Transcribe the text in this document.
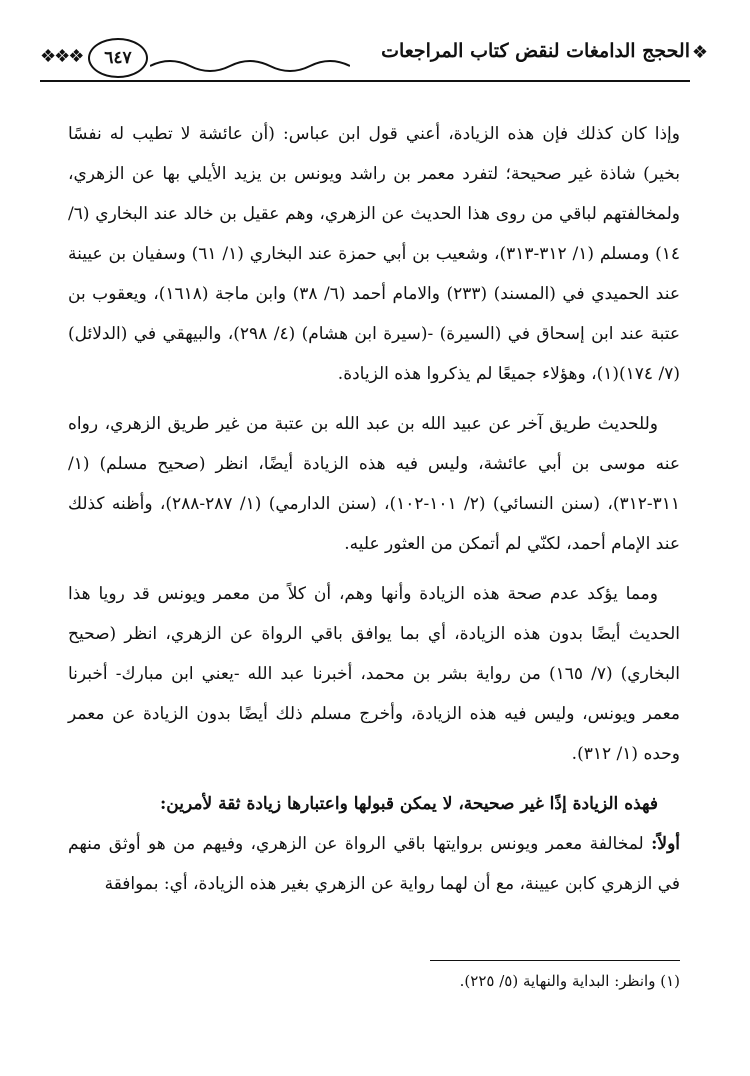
❖❖❖	٦٤٧	الحجج الدامغات لنقض كتاب المراجعات ❖

وإذا كان كذلك فإن هذه الزيادة، أعني قول ابن عباس: (أن عائشة لا تطيب له نفسًا بخير) شاذة غير صحيحة؛ لتفرد معمر بن راشد ويونس بن يزيد الأيلي بها عن الزهري، ولمخالفتهم لباقي من روى هذا الحديث عن الزهري، وهم عقيل بن خالد عند البخاري (٦/ ١٤) ومسلم (١/ ٣١٢-٣١٣)، وشعيب بن أبي حمزة عند البخاري (١/ ٦١) وسفيان بن عيينة عند الحميدي في (المسند) (٢٣٣) والامام أحمد (٦/ ٣٨) وابن ماجة (١٦١٨)، ويعقوب بن عتبة عند ابن إسحاق في (السيرة) -(سيرة ابن هشام) (٤/ ٢٩٨)، والبيهقي في (الدلائل) (٧/ ١٧٤)(١)، وهؤلاء جميعًا لم يذكروا هذه الزيادة.

وللحديث طريق آخر عن عبيد الله بن عبد الله بن عتبة من غير طريق الزهري، رواه عنه موسى بن أبي عائشة، وليس فيه هذه الزيادة أيضًا، انظر (صحيح مسلم) (١/ ٣١١-٣١٢)، (سنن النسائي) (٢/ ١٠١-١٠٢)، (سنن الدارمي) (١/ ٢٨٧-٢٨٨)، وأظنه كذلك عند الإمام أحمد، لكنّي لم أتمكن من العثور عليه.

ومما يؤكد عدم صحة هذه الزيادة وأنها وهم، أن كلاً من معمر ويونس قد رويا هذا الحديث أيضًا بدون هذه الزيادة، أي بما يوافق باقي الرواة عن الزهري، انظر (صحيح البخاري) (٧/ ١٦٥) من رواية بشر بن محمد، أخبرنا عبد الله -يعني ابن مبارك- أخبرنا معمر ويونس، وليس فيه هذه الزيادة، وأخرج مسلم ذلك أيضًا بدون الزيادة عن معمر وحده (١/ ٣١٢).

فهذه الزيادة إذًا غير صحيحة، لا يمكن قبولها واعتبارها زيادة ثقة لأمرين:

أولاً: لمخالفة معمر ويونس بروايتها باقي الرواة عن الزهري، وفيهم من هو أوثق منهم في الزهري كابن عيينة، مع أن لهما رواية عن الزهري بغير هذه الزيادة، أي: بموافقة

(١) وانظر: البداية والنهاية (٥/ ٢٢٥).
